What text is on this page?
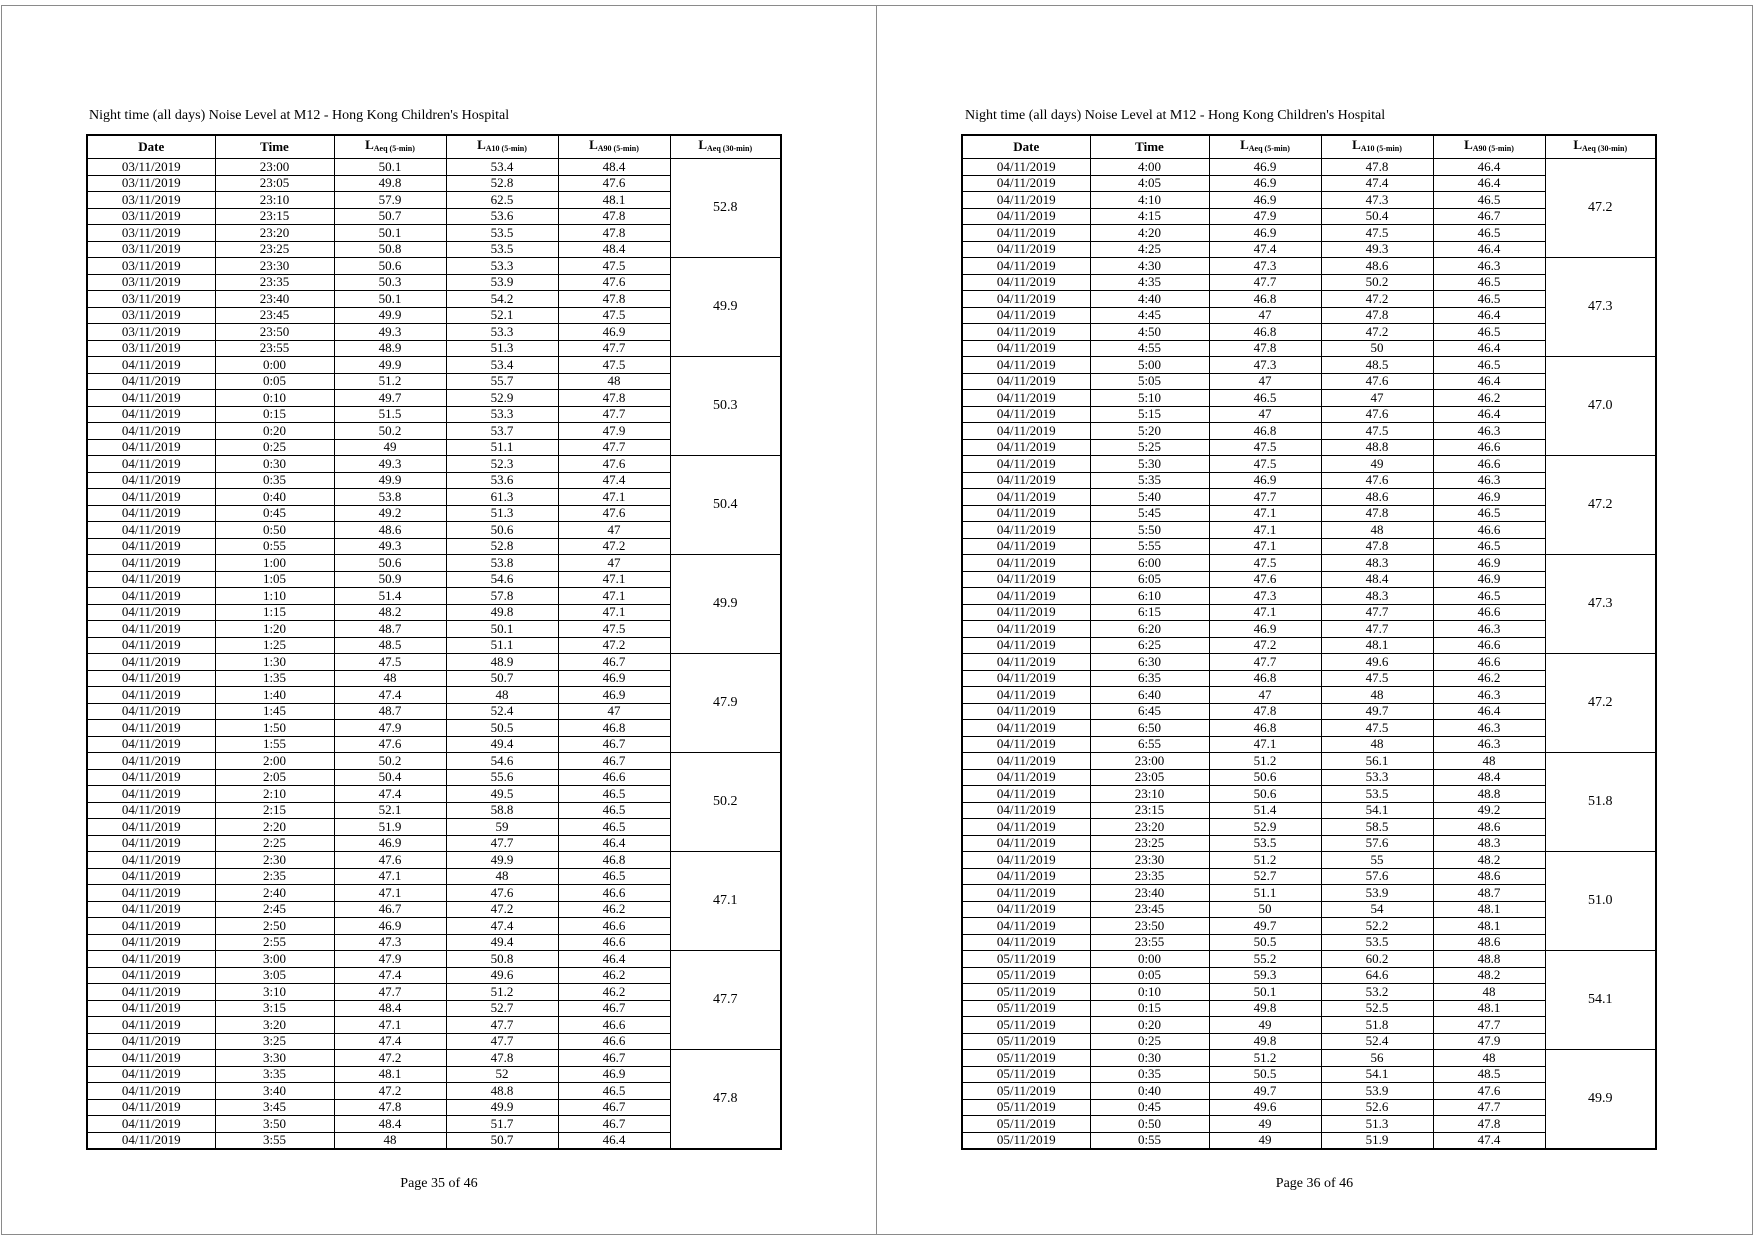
Night time (all days) Noise Level at M12 - Hong Kong Children's Hospital
Date	Time	$L_{Aeq (5-min)}$	$L_{A10 (5-min)}$	$L_{A90 (5-min)}$	$L_{Aeq (30-min)}$
03/11/2019	23:00	50.1	53.4	48.4	52.8
03/11/2019	23:05	49.8	52.8	47.6	
03/11/2019	23:10	57.9	62.5	48.1	
03/11/2019	23:15	50.7	53.6	47.8	
03/11/2019	23:20	50.1	53.5	47.8	
03/11/2019	23:25	50.8	53.5	48.4	
03/11/2019	23:30	50.6	53.3	47.5	49.9
03/11/2019	23:35	50.3	53.9	47.6	
03/11/2019	23:40	50.1	54.2	47.8	
03/11/2019	23:45	49.9	52.1	47.5	
03/11/2019	23:50	49.3	53.3	46.9	
03/11/2019	23:55	48.9	51.3	47.7	
04/11/2019	0:00	49.9	53.4	47.5	50.3
04/11/2019	0:05	51.2	55.7	48	
04/11/2019	0:10	49.7	52.9	47.8	
04/11/2019	0:15	51.5	53.3	47.7	
04/11/2019	0:20	50.2	53.7	47.9	
04/11/2019	0:25	49	51.1	47.7	
04/11/2019	0:30	49.3	52.3	47.6	50.4
04/11/2019	0:35	49.9	53.6	47.4	
04/11/2019	0:40	53.8	61.3	47.1	
04/11/2019	0:45	49.2	51.3	47.6	
04/11/2019	0:50	48.6	50.6	47	
04/11/2019	0:55	49.3	52.8	47.2	
04/11/2019	1:00	50.6	53.8	47	49.9
04/11/2019	1:05	50.9	54.6	47.1	
04/11/2019	1:10	51.4	57.8	47.1	
04/11/2019	1:15	48.2	49.8	47.1	
04/11/2019	1:20	48.7	50.1	47.5	
04/11/2019	1:25	48.5	51.1	47.2	
04/11/2019	1:30	47.5	48.9	46.7	47.9
04/11/2019	1:35	48	50.7	46.9	
04/11/2019	1:40	47.4	48	46.9	
04/11/2019	1:45	48.7	52.4	47	
04/11/2019	1:50	47.9	50.5	46.8	
04/11/2019	1:55	47.6	49.4	46.7	
04/11/2019	2:00	50.2	54.6	46.7	50.2
04/11/2019	2:05	50.4	55.6	46.6	
04/11/2019	2:10	47.4	49.5	46.5	
04/11/2019	2:15	52.1	58.8	46.5	
04/11/2019	2:20	51.9	59	46.5	
04/11/2019	2:25	46.9	47.7	46.4	
04/11/2019	2:30	47.6	49.9	46.8	47.1
04/11/2019	2:35	47.1	48	46.5	
04/11/2019	2:40	47.1	47.6	46.6	
04/11/2019	2:45	46.7	47.2	46.2	
04/11/2019	2:50	46.9	47.4	46.6	
04/11/2019	2:55	47.3	49.4	46.6	
04/11/2019	3:00	47.9	50.8	46.4	47.7
04/11/2019	3:05	47.4	49.6	46.2	
04/11/2019	3:10	47.7	51.2	46.2	
04/11/2019	3:15	48.4	52.7	46.7	
04/11/2019	3:20	47.1	47.7	46.6	
04/11/2019	3:25	47.4	47.7	46.6	
04/11/2019	3:30	47.2	47.8	46.7	47.8
04/11/2019	3:35	48.1	52	46.9	
04/11/2019	3:40	47.2	48.8	46.5	
04/11/2019	3:45	47.8	49.9	46.7	
04/11/2019	3:50	48.4	51.7	46.7	
04/11/2019	3:55	48	50.7	46.4	
Page 35 of 46
Night time (all days) Noise Level at M12 - Hong Kong Children's Hospital
Date	Time	$L_{Aeq (5-min)}$	$L_{A10 (5-min)}$	$L_{A90 (5-min)}$	$L_{Aeq (30-min)}$
04/11/2019	4:00	46.9	47.8	46.4	47.2
04/11/2019	4:05	46.9	47.4	46.4	
04/11/2019	4:10	46.9	47.3	46.5	
04/11/2019	4:15	47.9	50.4	46.7	
04/11/2019	4:20	46.9	47.5	46.5	
04/11/2019	4:25	47.4	49.3	46.4	
04/11/2019	4:30	47.3	48.6	46.3	47.3
04/11/2019	4:35	47.7	50.2	46.5	
04/11/2019	4:40	46.8	47.2	46.5	
04/11/2019	4:45	47	47.8	46.4	
04/11/2019	4:50	46.8	47.2	46.5	
04/11/2019	4:55	47.8	50	46.4	
04/11/2019	5:00	47.3	48.5	46.5	47.0
04/11/2019	5:05	47	47.6	46.4	
04/11/2019	5:10	46.5	47	46.2	
04/11/2019	5:15	47	47.6	46.4	
04/11/2019	5:20	46.8	47.5	46.3	
04/11/2019	5:25	47.5	48.8	46.6	
04/11/2019	5:30	47.5	49	46.6	47.2
04/11/2019	5:35	46.9	47.6	46.3	
04/11/2019	5:40	47.7	48.6	46.9	
04/11/2019	5:45	47.1	47.8	46.5	
04/11/2019	5:50	47.1	48	46.6	
04/11/2019	5:55	47.1	47.8	46.5	
04/11/2019	6:00	47.5	48.3	46.9	47.3
04/11/2019	6:05	47.6	48.4	46.9	
04/11/2019	6:10	47.3	48.3	46.5	
04/11/2019	6:15	47.1	47.7	46.6	
04/11/2019	6:20	46.9	47.7	46.3	
04/11/2019	6:25	47.2	48.1	46.6	
04/11/2019	6:30	47.7	49.6	46.6	47.2
04/11/2019	6:35	46.8	47.5	46.2	
04/11/2019	6:40	47	48	46.3	
04/11/2019	6:45	47.8	49.7	46.4	
04/11/2019	6:50	46.8	47.5	46.3	
04/11/2019	6:55	47.1	48	46.3	
04/11/2019	23:00	51.2	56.1	48	51.8
04/11/2019	23:05	50.6	53.3	48.4	
04/11/2019	23:10	50.6	53.5	48.8	
04/11/2019	23:15	51.4	54.1	49.2	
04/11/2019	23:20	52.9	58.5	48.6	
04/11/2019	23:25	53.5	57.6	48.3	
04/11/2019	23:30	51.2	55	48.2	51.0
04/11/2019	23:35	52.7	57.6	48.6	
04/11/2019	23:40	51.1	53.9	48.7	
04/11/2019	23:45	50	54	48.1	
04/11/2019	23:50	49.7	52.2	48.1	
04/11/2019	23:55	50.5	53.5	48.6	
05/11/2019	0:00	55.2	60.2	48.8	54.1
05/11/2019	0:05	59.3	64.6	48.2	
05/11/2019	0:10	50.1	53.2	48	
05/11/2019	0:15	49.8	52.5	48.1	
05/11/2019	0:20	49	51.8	47.7	
05/11/2019	0:25	49.8	52.4	47.9	
05/11/2019	0:30	51.2	56	48	49.9
05/11/2019	0:35	50.5	54.1	48.5	
05/11/2019	0:40	49.7	53.9	47.6	
05/11/2019	0:45	49.6	52.6	47.7	
05/11/2019	0:50	49	51.3	47.8	
05/11/2019	0:55	49	51.9	47.4	
Page 36 of 46
